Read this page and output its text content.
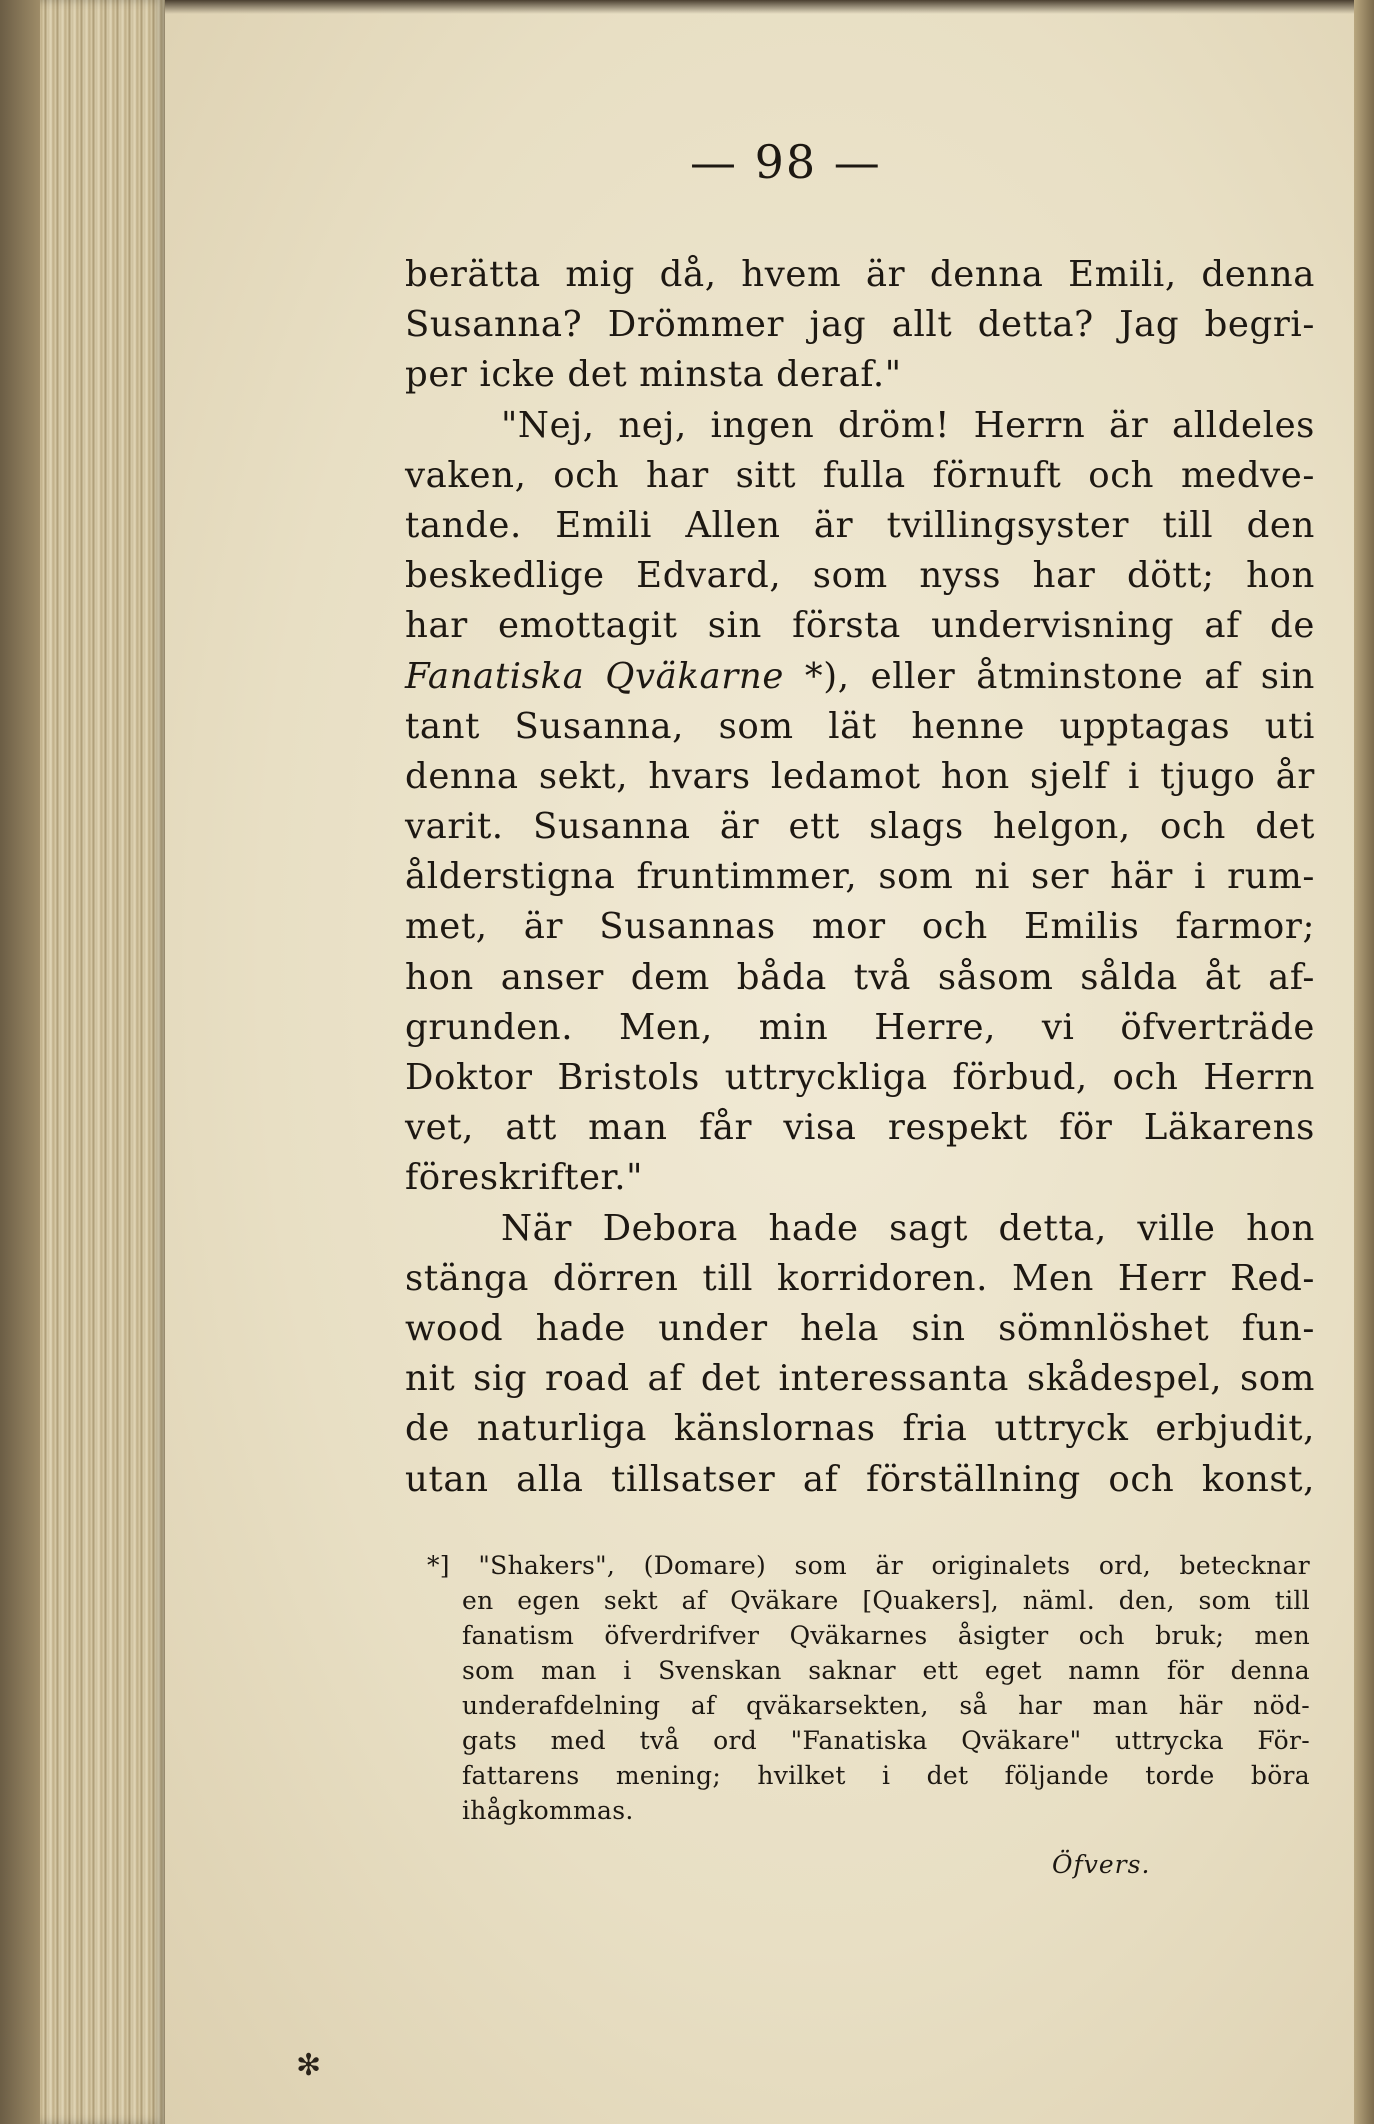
— 98 —
berätta mig då, hvem är denna Emili, denna
Susanna? Drömmer jag allt detta? Jag begri-
per icke det minsta deraf."
"Nej, nej, ingen dröm! Herrn är alldeles
vaken, och har sitt fulla förnuft och medve-
tande. Emili Allen är tvillingsyster till den
beskedlige Edvard, som nyss har dött; hon
har emottagit sin första undervisning af de
Fanatiska Qväkarne *), eller åtminstone af sin
tant Susanna, som lät henne upptagas uti
denna sekt, hvars ledamot hon sjelf i tjugo år
varit. Susanna är ett slags helgon, och det
ålderstigna fruntimmer, som ni ser här i rum-
met, är Susannas mor och Emilis farmor;
hon anser dem båda två såsom sålda åt af-
grunden. Men, min Herre, vi öfverträde
Doktor Bristols uttryckliga förbud, och Herrn
vet, att man får visa respekt för Läkarens
föreskrifter."
När Debora hade sagt detta, ville hon
stänga dörren till korridoren. Men Herr Red-
wood hade under hela sin sömnlöshet fun-
nit sig road af det interessanta skådespel, som
de naturliga känslornas fria uttryck erbjudit,
utan alla tillsatser af förställning och konst,
*] "Shakers", (Domare) som är originalets ord, betecknar
en egen sekt af Qväkare [Quakers], näml. den, som till
fanatism öfverdrifver Qväkarnes åsigter och bruk; men
som man i Svenskan saknar ett eget namn för denna
underafdelning af qväkarsekten, så har man här nöd-
gats med två ord "Fanatiska Qväkare" uttrycka För-
fattarens mening; hvilket i det följande torde böra
ihågkommas.
Öfvers.
✻
